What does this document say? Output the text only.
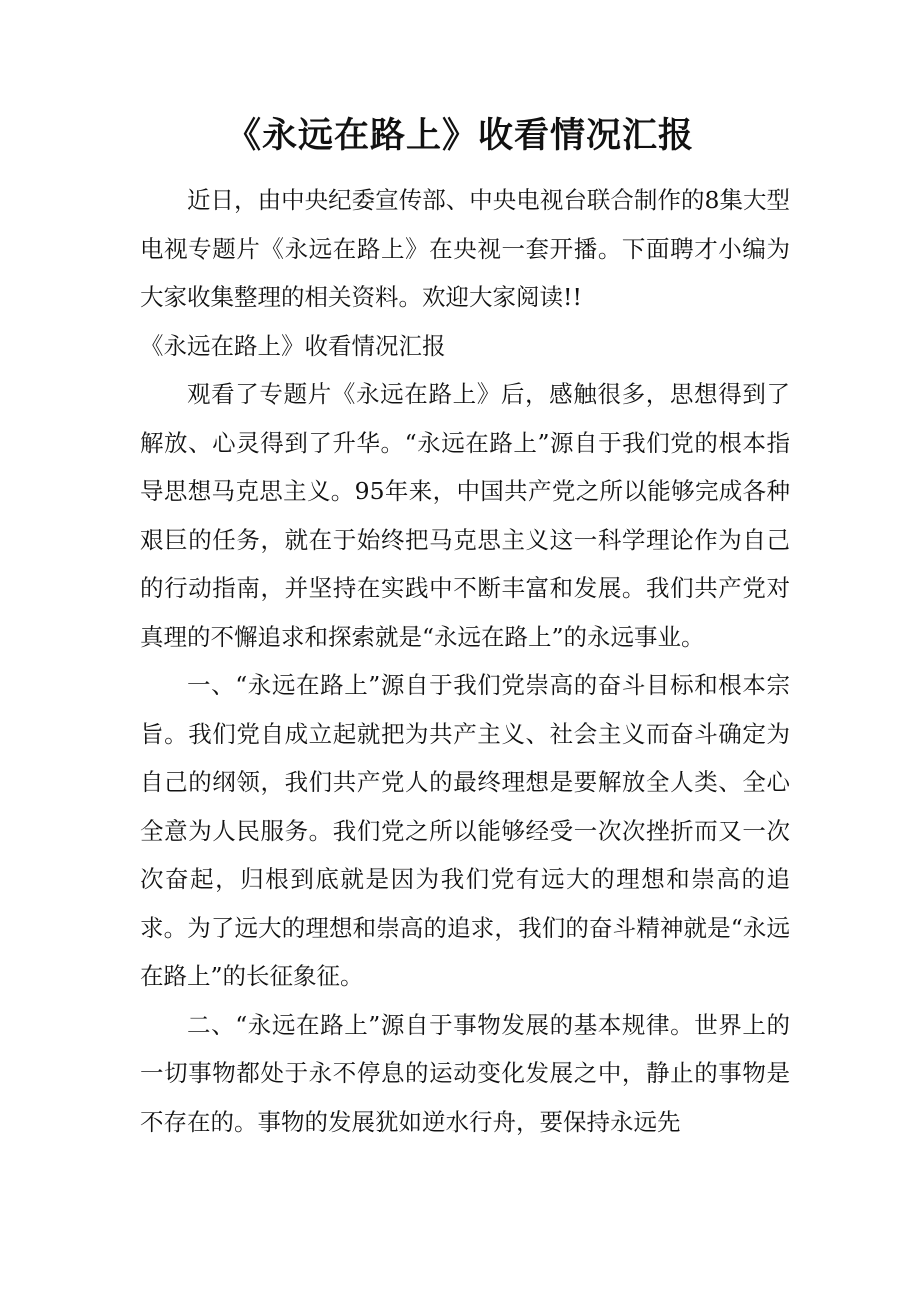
《永远在路上》收看情况汇报

近日，由中央纪委宣传部、中央电视台联合制作的8集大型电视专题片《永远在路上》在央视一套开播。下面聘才小编为大家收集整理的相关资料。欢迎大家阅读!!

《永远在路上》收看情况汇报

观看了专题片《永远在路上》后，感触很多，思想得到了解放、心灵得到了升华。“永远在路上”源自于我们党的根本指导思想马克思主义。95年来，中国共产党之所以能够完成各种艰巨的任务，就在于始终把马克思主义这一科学理论作为自己的行动指南，并坚持在实践中不断丰富和发展。我们共产党对真理的不懈追求和探索就是“永远在路上”的永远事业。

一、“永远在路上”源自于我们党崇高的奋斗目标和根本宗旨。我们党自成立起就把为共产主义、社会主义而奋斗确定为自己的纲领，我们共产党人的最终理想是要解放全人类、全心全意为人民服务。我们党之所以能够经受一次次挫折而又一次次奋起，归根到底就是因为我们党有远大的理想和崇高的追求。为了远大的理想和崇高的追求，我们的奋斗精神就是“永远在路上”的长征象征。

二、“永远在路上”源自于事物发展的基本规律。世界上的一切事物都处于永不停息的运动变化发展之中，静止的事物是不存在的。事物的发展犹如逆水行舟，要保持永远先
